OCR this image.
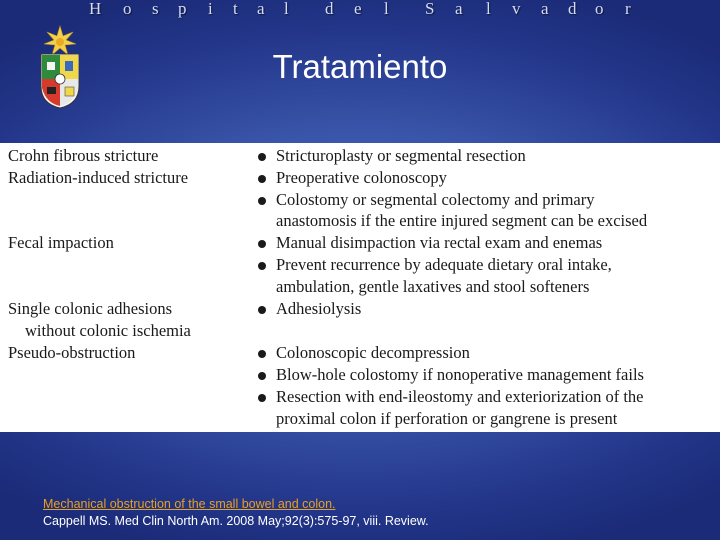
H o s p i t a l d e l S a l v a d o r
Tratamiento
Crohn fibrous stricture
Radiation-induced stricture
Fecal impaction
Single colonic adhesions
without colonic ischemia
Pseudo-obstruction
Stricturoplasty or segmental resection
Preoperative colonoscopy
Colostomy or segmental colectomy and primary
anastomosis if the entire injured segment can be excised
Manual disimpaction via rectal exam and enemas
Prevent recurrence by adequate dietary oral intake,
ambulation, gentle laxatives and stool softeners
Adhesiolysis
Colonoscopic decompression
Blow-hole colostomy if nonoperative management fails
Resection with end-ileostomy and exteriorization of the
proximal colon if perforation or gangrene is present
Mechanical obstruction of the small bowel and colon.
Cappell MS. Med Clin North Am. 2008 May;92(3):575-97, viii. Review.
